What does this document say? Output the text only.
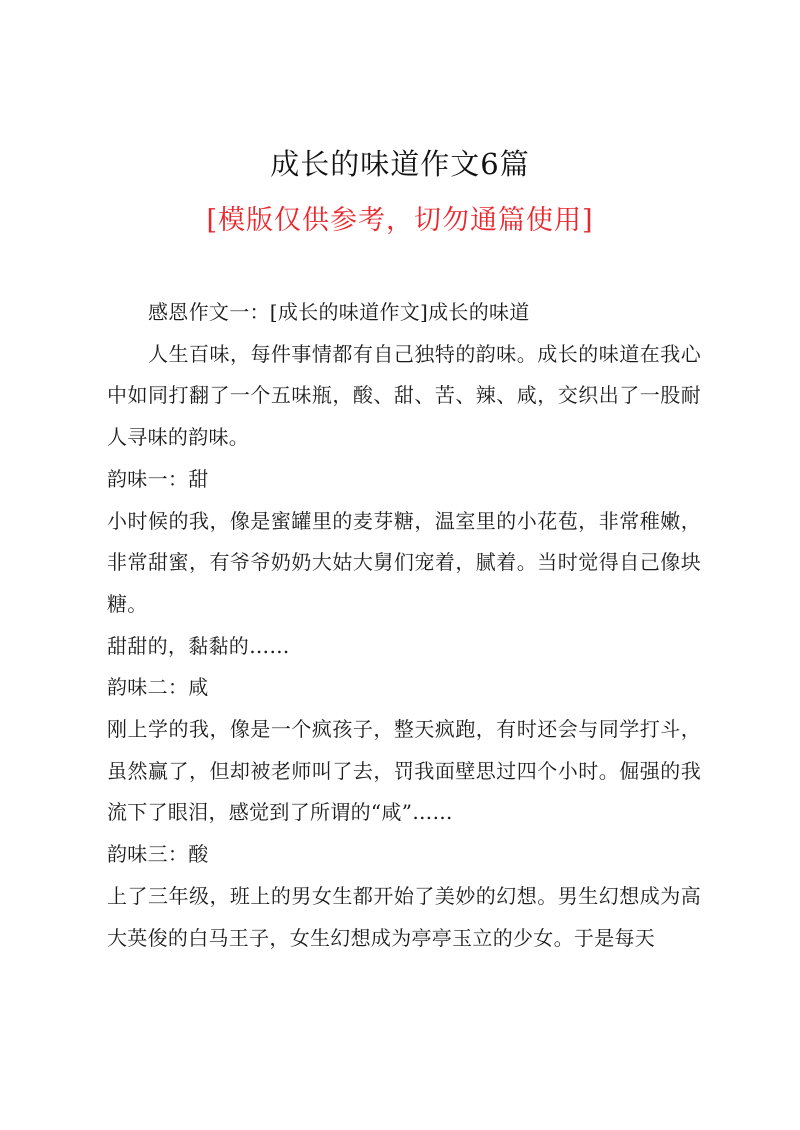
成长的味道作文6篇
[模版仅供参考，切勿通篇使用]

感恩作文一：[成长的味道作文]成长的味道

人生百味，每件事情都有自己独特的韵味。成长的味道在我心中如同打翻了一个五味瓶，酸、甜、苦、辣、咸，交织出了一股耐人寻味的韵味。

韵味一：甜

小时候的我，像是蜜罐里的麦芽糖，温室里的小花苞，非常稚嫩，非常甜蜜，有爷爷奶奶大姑大舅们宠着，腻着。当时觉得自己像块糖。

甜甜的，黏黏的……

韵味二：咸

刚上学的我，像是一个疯孩子，整天疯跑，有时还会与同学打斗，虽然赢了，但却被老师叫了去，罚我面壁思过四个小时。倔强的我流下了眼泪，感觉到了所谓的“咸”……

韵味三：酸

上了三年级，班上的男女生都开始了美妙的幻想。男生幻想成为高大英俊的白马王子，女生幻想成为亭亭玉立的少女。于是每天
